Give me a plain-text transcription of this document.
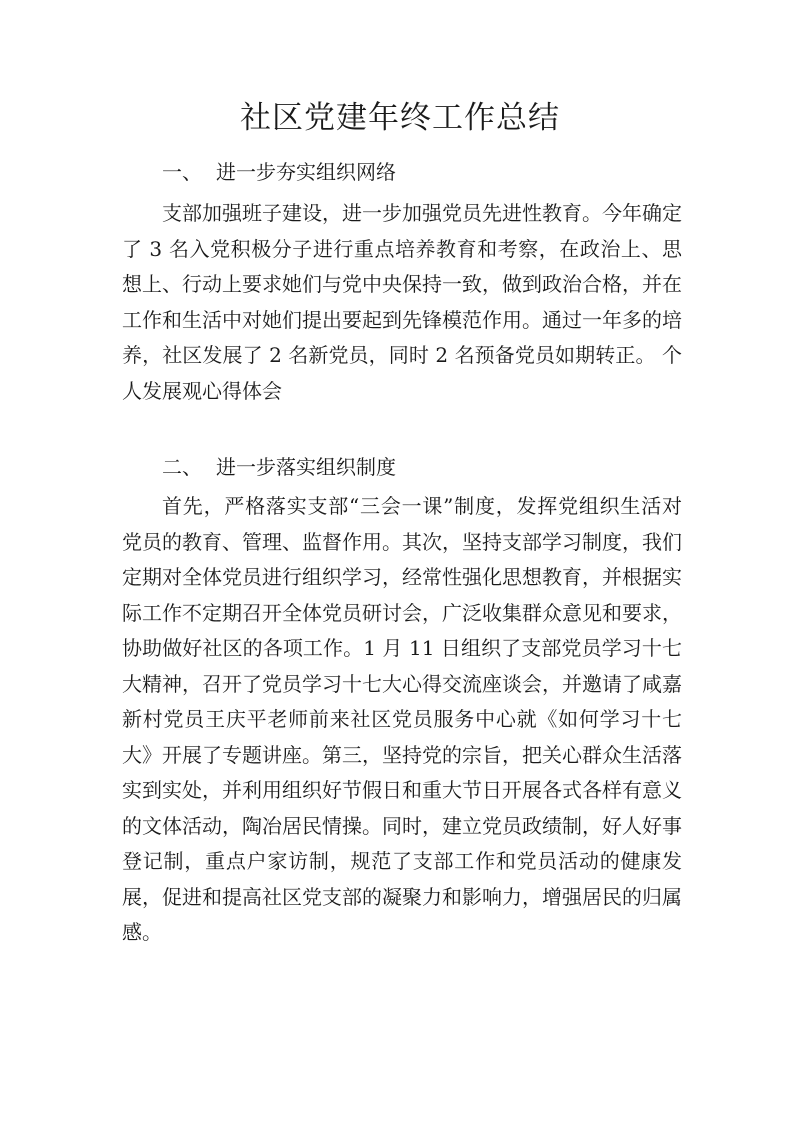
社区党建年终工作总结
一、 进一步夯实组织网络
支部加强班子建设，进一步加强党员先进性教育。今年确定了 3 名入党积极分子进行重点培养教育和考察，在政治上、思想上、行动上要求她们与党中央保持一致，做到政治合格，并在工作和生活中对她们提出要起到先锋模范作用。通过一年多的培养，社区发展了 2 名新党员，同时 2 名预备党员如期转正。 个人发展观心得体会
二、 进一步落实组织制度
首先，严格落实支部“三会一课”制度，发挥党组织生活对党员的教育、管理、监督作用。其次，坚持支部学习制度，我们定期对全体党员进行组织学习，经常性强化思想教育，并根据实际工作不定期召开全体党员研讨会，广泛收集群众意见和要求，协助做好社区的各项工作。1 月 11 日组织了支部党员学习十七大精神，召开了党员学习十七大心得交流座谈会，并邀请了咸嘉新村党员王庆平老师前来社区党员服务中心就《如何学习十七大》开展了专题讲座。第三，坚持党的宗旨，把关心群众生活落实到实处，并利用组织好节假日和重大节日开展各式各样有意义的文体活动，陶冶居民情操。同时，建立党员政绩制，好人好事登记制，重点户家访制，规范了支部工作和党员活动的健康发展，促进和提高社区党支部的凝聚力和影响力，增强居民的归属感。
